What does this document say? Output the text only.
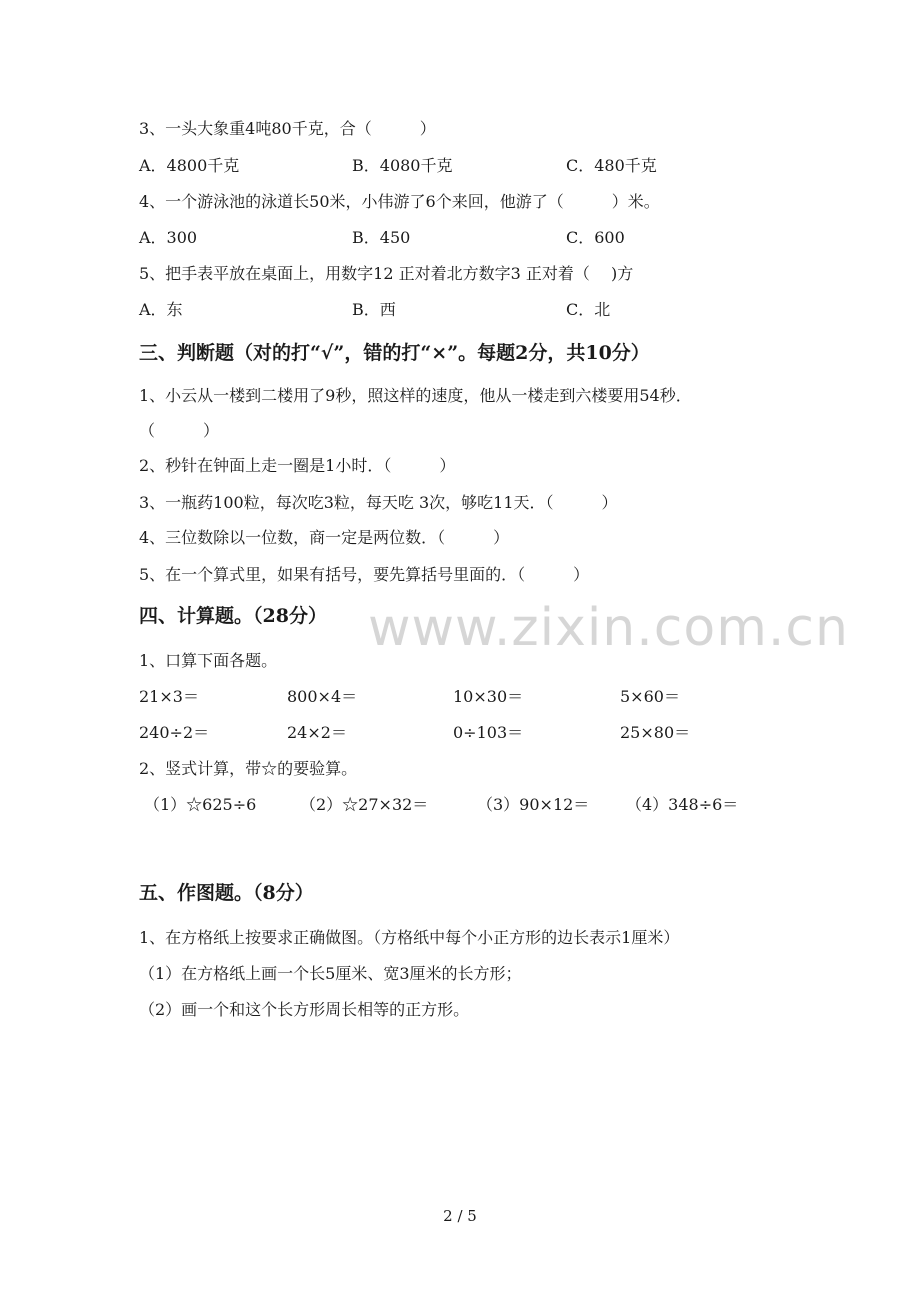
www.zixin.com.cn
3、一头大象重4吨80千克，合（　　　）
A．4800千克	B．4080千克	C．480千克
4、一个游泳池的泳道长50米，小伟游了6个来回，他游了（　　　）米。
A．300	B．450	C．600
5、把手表平放在桌面上，用数字12 正对着北方数字3 正对着（　 )方
A．东	B．西	C．北
三、判断题（对的打“√”，错的打“×”。每题2分，共10分）
1、小云从一楼到二楼用了9秒，照这样的速度，他从一楼走到六楼要用54秒．
（　　　）
2、秒针在钟面上走一圈是1小时．（　　　）
3、一瓶药100粒，每次吃3粒，每天吃 3次，够吃11天．（　　　）
4、三位数除以一位数，商一定是两位数．（　　　）
5、在一个算式里，如果有括号，要先算括号里面的．（　　　）
四、计算题。（28分）
1、口算下面各题。
21×3＝	800×4＝	10×30＝	5×60＝
240÷2＝	24×2＝	0÷103＝	25×80＝
2、竖式计算，带☆的要验算。
（1）☆625÷6	（2）☆27×32＝	（3）90×12＝ （4）348÷6＝
五、作图题。（8分）
1、在方格纸上按要求正确做图。（方格纸中每个小正方形的边长表示1厘米）
（1）在方格纸上画一个长5厘米、宽3厘米的长方形；
（2）画一个和这个长方形周长相等的正方形。
2 / 5
